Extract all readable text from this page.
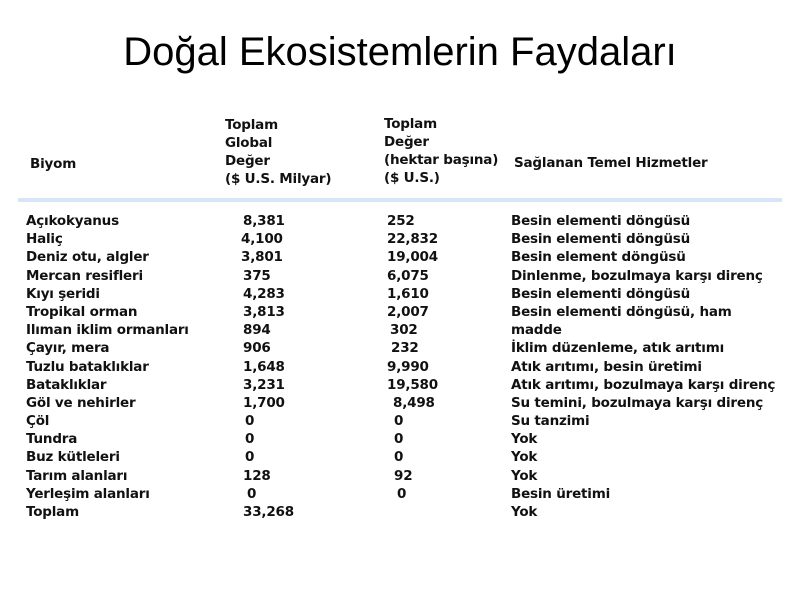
Doğal Ekosistemlerin Faydaları
Biyom
Toplam
Global
Değer
($ U.S. Milyar)
Toplam
Değer
(hektar başına)
($ U.S.)
Sağlanan Temel Hizmetler
Açıkokyanus
Haliç
Deniz otu, algler
Mercan resifleri
Kıyı şeridi
Tropikal orman
Ilıman iklim ormanları
Çayır, mera
Tuzlu bataklıklar
Bataklıklar
Göl ve nehirler
Çöl
Tundra
Buz kütleleri
Tarım alanları
Yerleşim alanları
Toplam
8,381
4,100
3,801
375
4,283
3,813
894
906
1,648
3,231
1,700
0
0
0
128
0
33,268
252
22,832
19,004
6,075
1,610
2,007
302
232
9,990
19,580
8,498
0
0
0
92
0
Besin elementi döngüsü
Besin elementi döngüsü
Besin element döngüsü
Dinlenme, bozulmaya karşı direnç
Besin elementi döngüsü
Besin elementi döngüsü, ham
madde
İklim düzenleme, atık arıtımı
Atık arıtımı, besin üretimi
Atık arıtımı, bozulmaya karşı direnç
Su temini, bozulmaya karşı direnç
Su tanzimi
Yok
Yok
Yok
Besin üretimi
Yok
